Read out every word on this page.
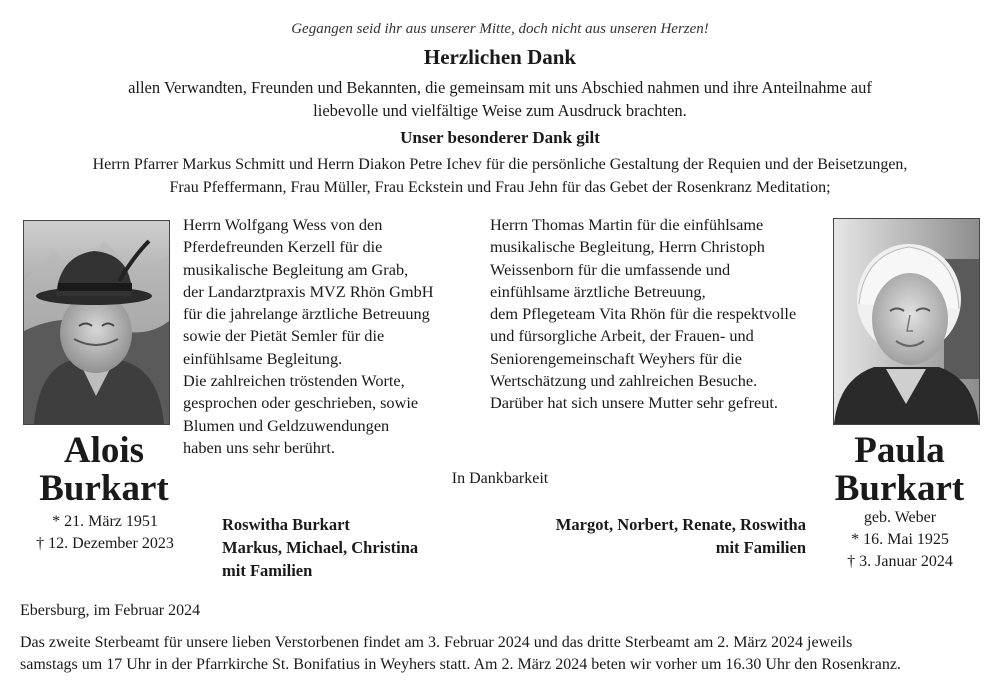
Gegangen seid ihr aus unserer Mitte, doch nicht aus unseren Herzen!
Herzlichen Dank
allen Verwandten, Freunden und Bekannten, die gemeinsam mit uns Abschied nahmen und ihre Anteilnahme auf
liebevolle und vielfältige Weise zum Ausdruck brachten.
Unser besonderer Dank gilt
Herrn Pfarrer Markus Schmitt und Herrn Diakon Petre Ichev für die persönliche Gestaltung der Requien und der Beisetzungen,
Frau Pfeffermann, Frau Müller, Frau Eckstein und Frau Jehn für das Gebet der Rosenkranz Meditation;
Herrn Wolfgang Wess von den
Pferdefreunden Kerzell für die
musikalische Begleitung am Grab,
der Landarztpraxis MVZ Rhön GmbH
für die jahrelange ärztliche Betreuung
sowie der Pietät Semler für die
einfühlsame Begleitung.
Die zahlreichen tröstenden Worte,
gesprochen oder geschrieben, sowie
Blumen und Geldzuwendungen
haben uns sehr berührt.
Herrn Thomas Martin für die einfühlsame
musikalische Begleitung, Herrn Christoph
Weissenborn für die umfassende und
einfühlsame ärztliche Betreuung,
dem Pflegeteam Vita Rhön für die respektvolle
und fürsorgliche Arbeit, der Frauen- und
Seniorengemeinschaft Weyhers für die
Wertschätzung und zahlreichen Besuche.
Darüber hat sich unsere Mutter sehr gefreut.
Alois
Burkart
* 21. März 1951
† 12. Dezember 2023
Paula
Burkart
geb. Weber
* 16. Mai 1925
† 3. Januar 2024
In Dankbarkeit
Roswitha Burkart
Markus, Michael, Christina
mit Familien
Margot, Norbert, Renate, Roswitha
mit Familien
Ebersburg, im Februar 2024
Das zweite Sterbeamt für unsere lieben Verstorbenen findet am 3. Februar 2024 und das dritte Sterbeamt am 2. März 2024 jeweils
samstags um 17 Uhr in der Pfarrkirche St. Bonifatius in Weyhers statt. Am 2. März 2024 beten wir vorher um 16.30 Uhr den Rosenkranz.
